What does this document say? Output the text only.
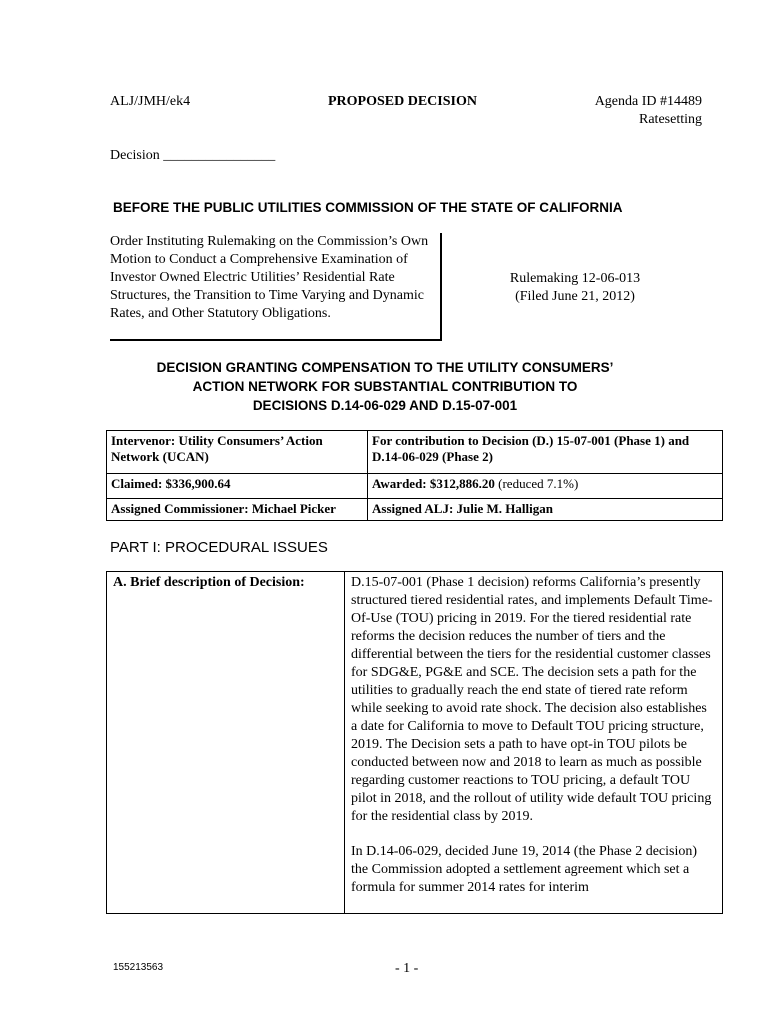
ALJ/JMH/ek4	PROPOSED DECISION	Agenda ID #14489
Ratesetting
Decision ________________
BEFORE THE PUBLIC UTILITIES COMMISSION OF THE STATE OF CALIFORNIA
Order Instituting Rulemaking on the Commission’s Own
Motion to Conduct a Comprehensive Examination of
Investor Owned Electric Utilities’ Residential Rate
Structures, the Transition to Time Varying and Dynamic
Rates, and Other Statutory Obligations.
Rulemaking 12-06-013
(Filed June 21, 2012)
DECISION GRANTING COMPENSATION TO THE UTILITY CONSUMERS’
ACTION NETWORK FOR SUBSTANTIAL CONTRIBUTION TO
DECISIONS D.14-06-029 AND D.15-07-001
Intervenor: Utility Consumers’ Action Network (UCAN)	For contribution to Decision (D.) 15-07-001 (Phase 1) and D.14-06-029 (Phase 2)
Claimed: $336,900.64	Awarded: $312,886.20 (reduced 7.1%)
Assigned Commissioner: Michael Picker	Assigned ALJ: Julie M. Halligan
PART I: PROCEDURAL ISSUES
A. Brief description of Decision:	D.15-07-001 (Phase 1 decision) reforms California’s presently structured tiered residential rates, and implements Default Time-Of-Use (TOU) pricing in 2019. For the tiered residential rate reforms the decision reduces the number of tiers and the differential between the tiers for the residential customer classes for SDG&E, PG&E and SCE. The decision sets a path for the utilities to gradually reach the end state of tiered rate reform while seeking to avoid rate shock. The decision also establishes a date for California to move to Default TOU pricing structure, 2019. The Decision sets a path to have opt-in TOU pilots be conducted between now and 2018 to learn as much as possible regarding customer reactions to TOU pricing, a default TOU pilot in 2018, and the rollout of utility wide default TOU pricing for the residential class by 2019.

In D.14-06-029, decided June 19, 2014 (the Phase 2 decision) the Commission adopted a settlement agreement which set a formula for summer 2014 rates for interim

155213563	- 1 -
